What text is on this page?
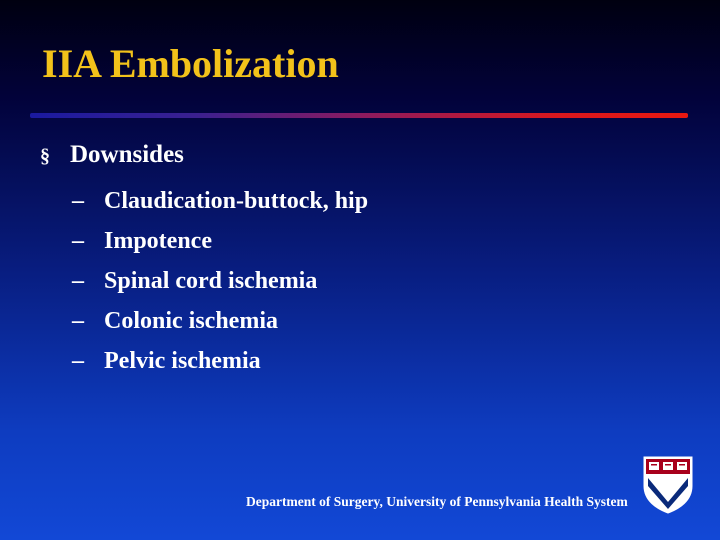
IIA Embolization
§ Downsides
– Claudication-buttock, hip
– Impotence
– Spinal cord ischemia
– Colonic ischemia
– Pelvic ischemia
Department of Surgery, University of Pennsylvania Health System
